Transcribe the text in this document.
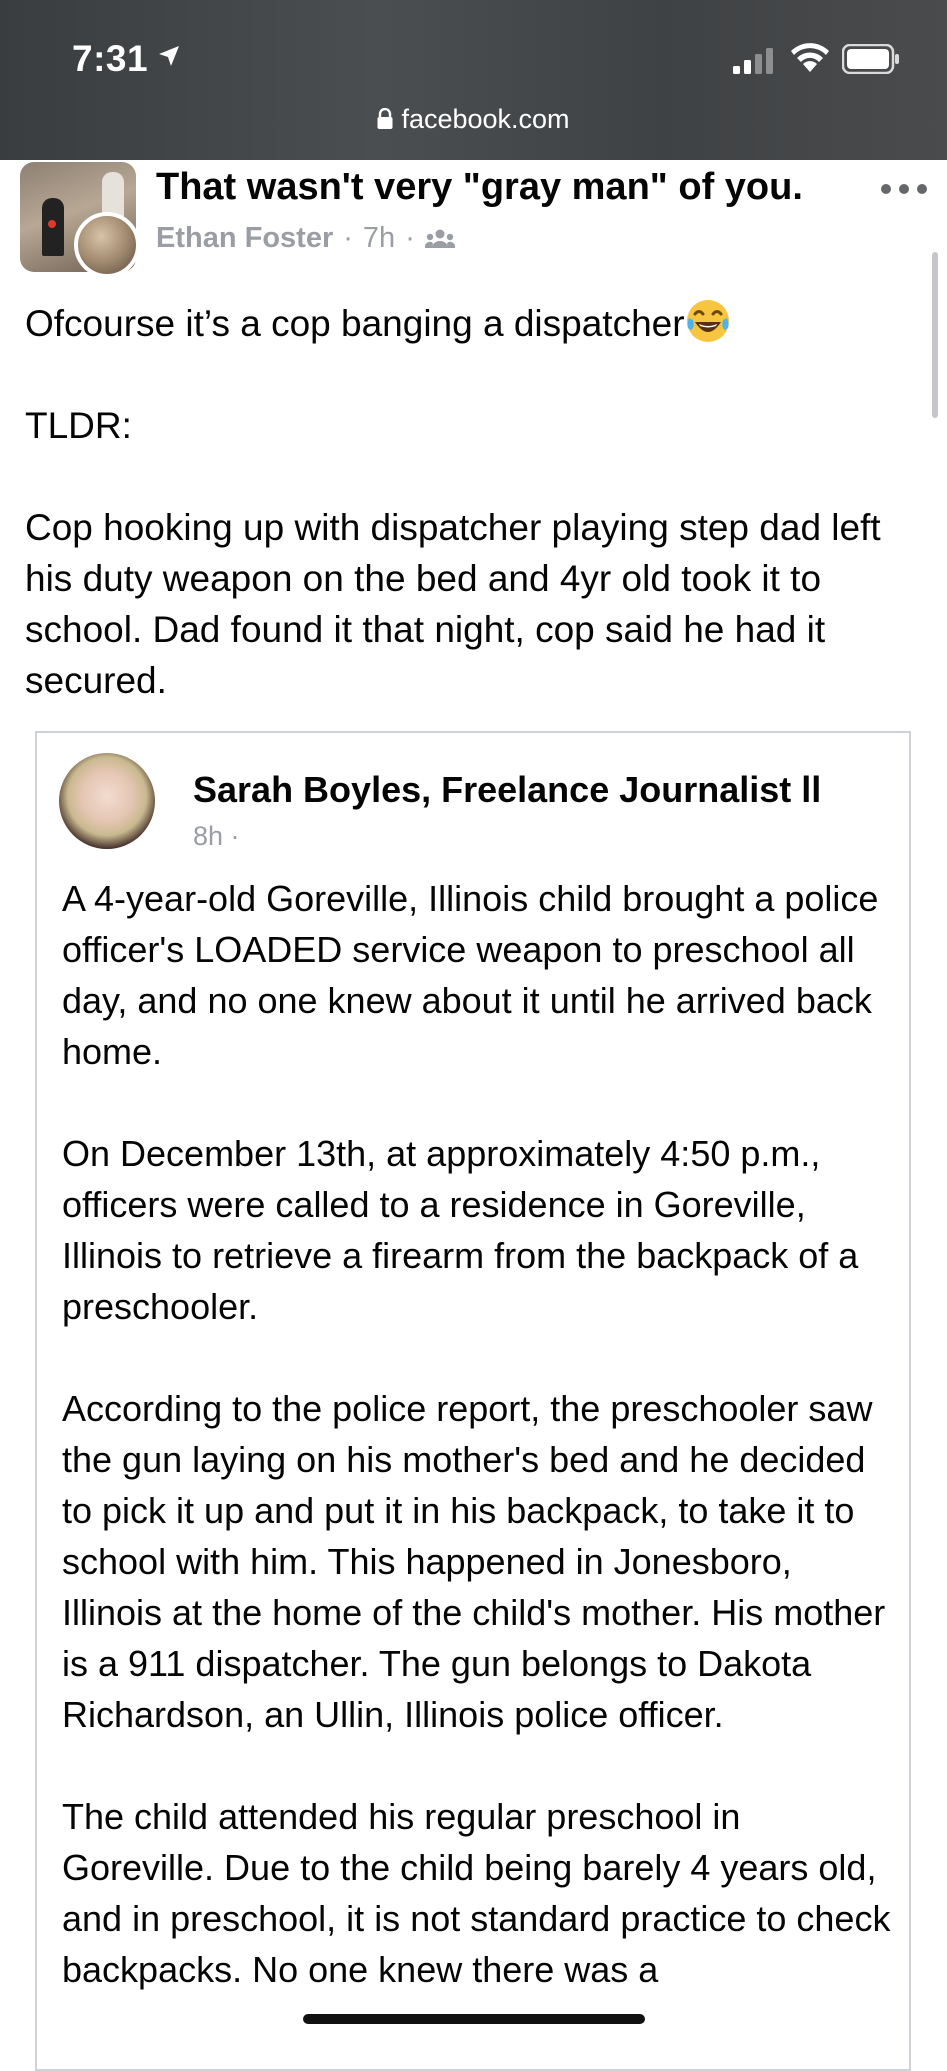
7:31
facebook.com
That wasn't very "gray man" of you.
Ethan Foster · 7h ·

Ofcourse it’s a cop banging a dispatcher

TLDR:

Cop hooking up with dispatcher playing step dad left his duty weapon on the bed and 4yr old took it to school. Dad found it that night, cop said he had it secured.

Sarah Boyles, Freelance Journalist ll
8h ·

A 4-year-old Goreville, Illinois child brought a police officer's LOADED service weapon to preschool all day, and no one knew about it until he arrived back home.

On December 13th, at approximately 4:50 p.m., officers were called to a residence in Goreville, Illinois to retrieve a firearm from the backpack of a preschooler.

According to the police report, the preschooler saw the gun laying on his mother's bed and he decided to pick it up and put it in his backpack, to take it to school with him. This happened in Jonesboro, Illinois at the home of the child's mother. His mother is a 911 dispatcher. The gun belongs to Dakota Richardson, an Ullin, Illinois police officer.

The child attended his regular preschool in Goreville. Due to the child being barely 4 years old, and in preschool, it is not standard practice to check backpacks. No one knew there was a
